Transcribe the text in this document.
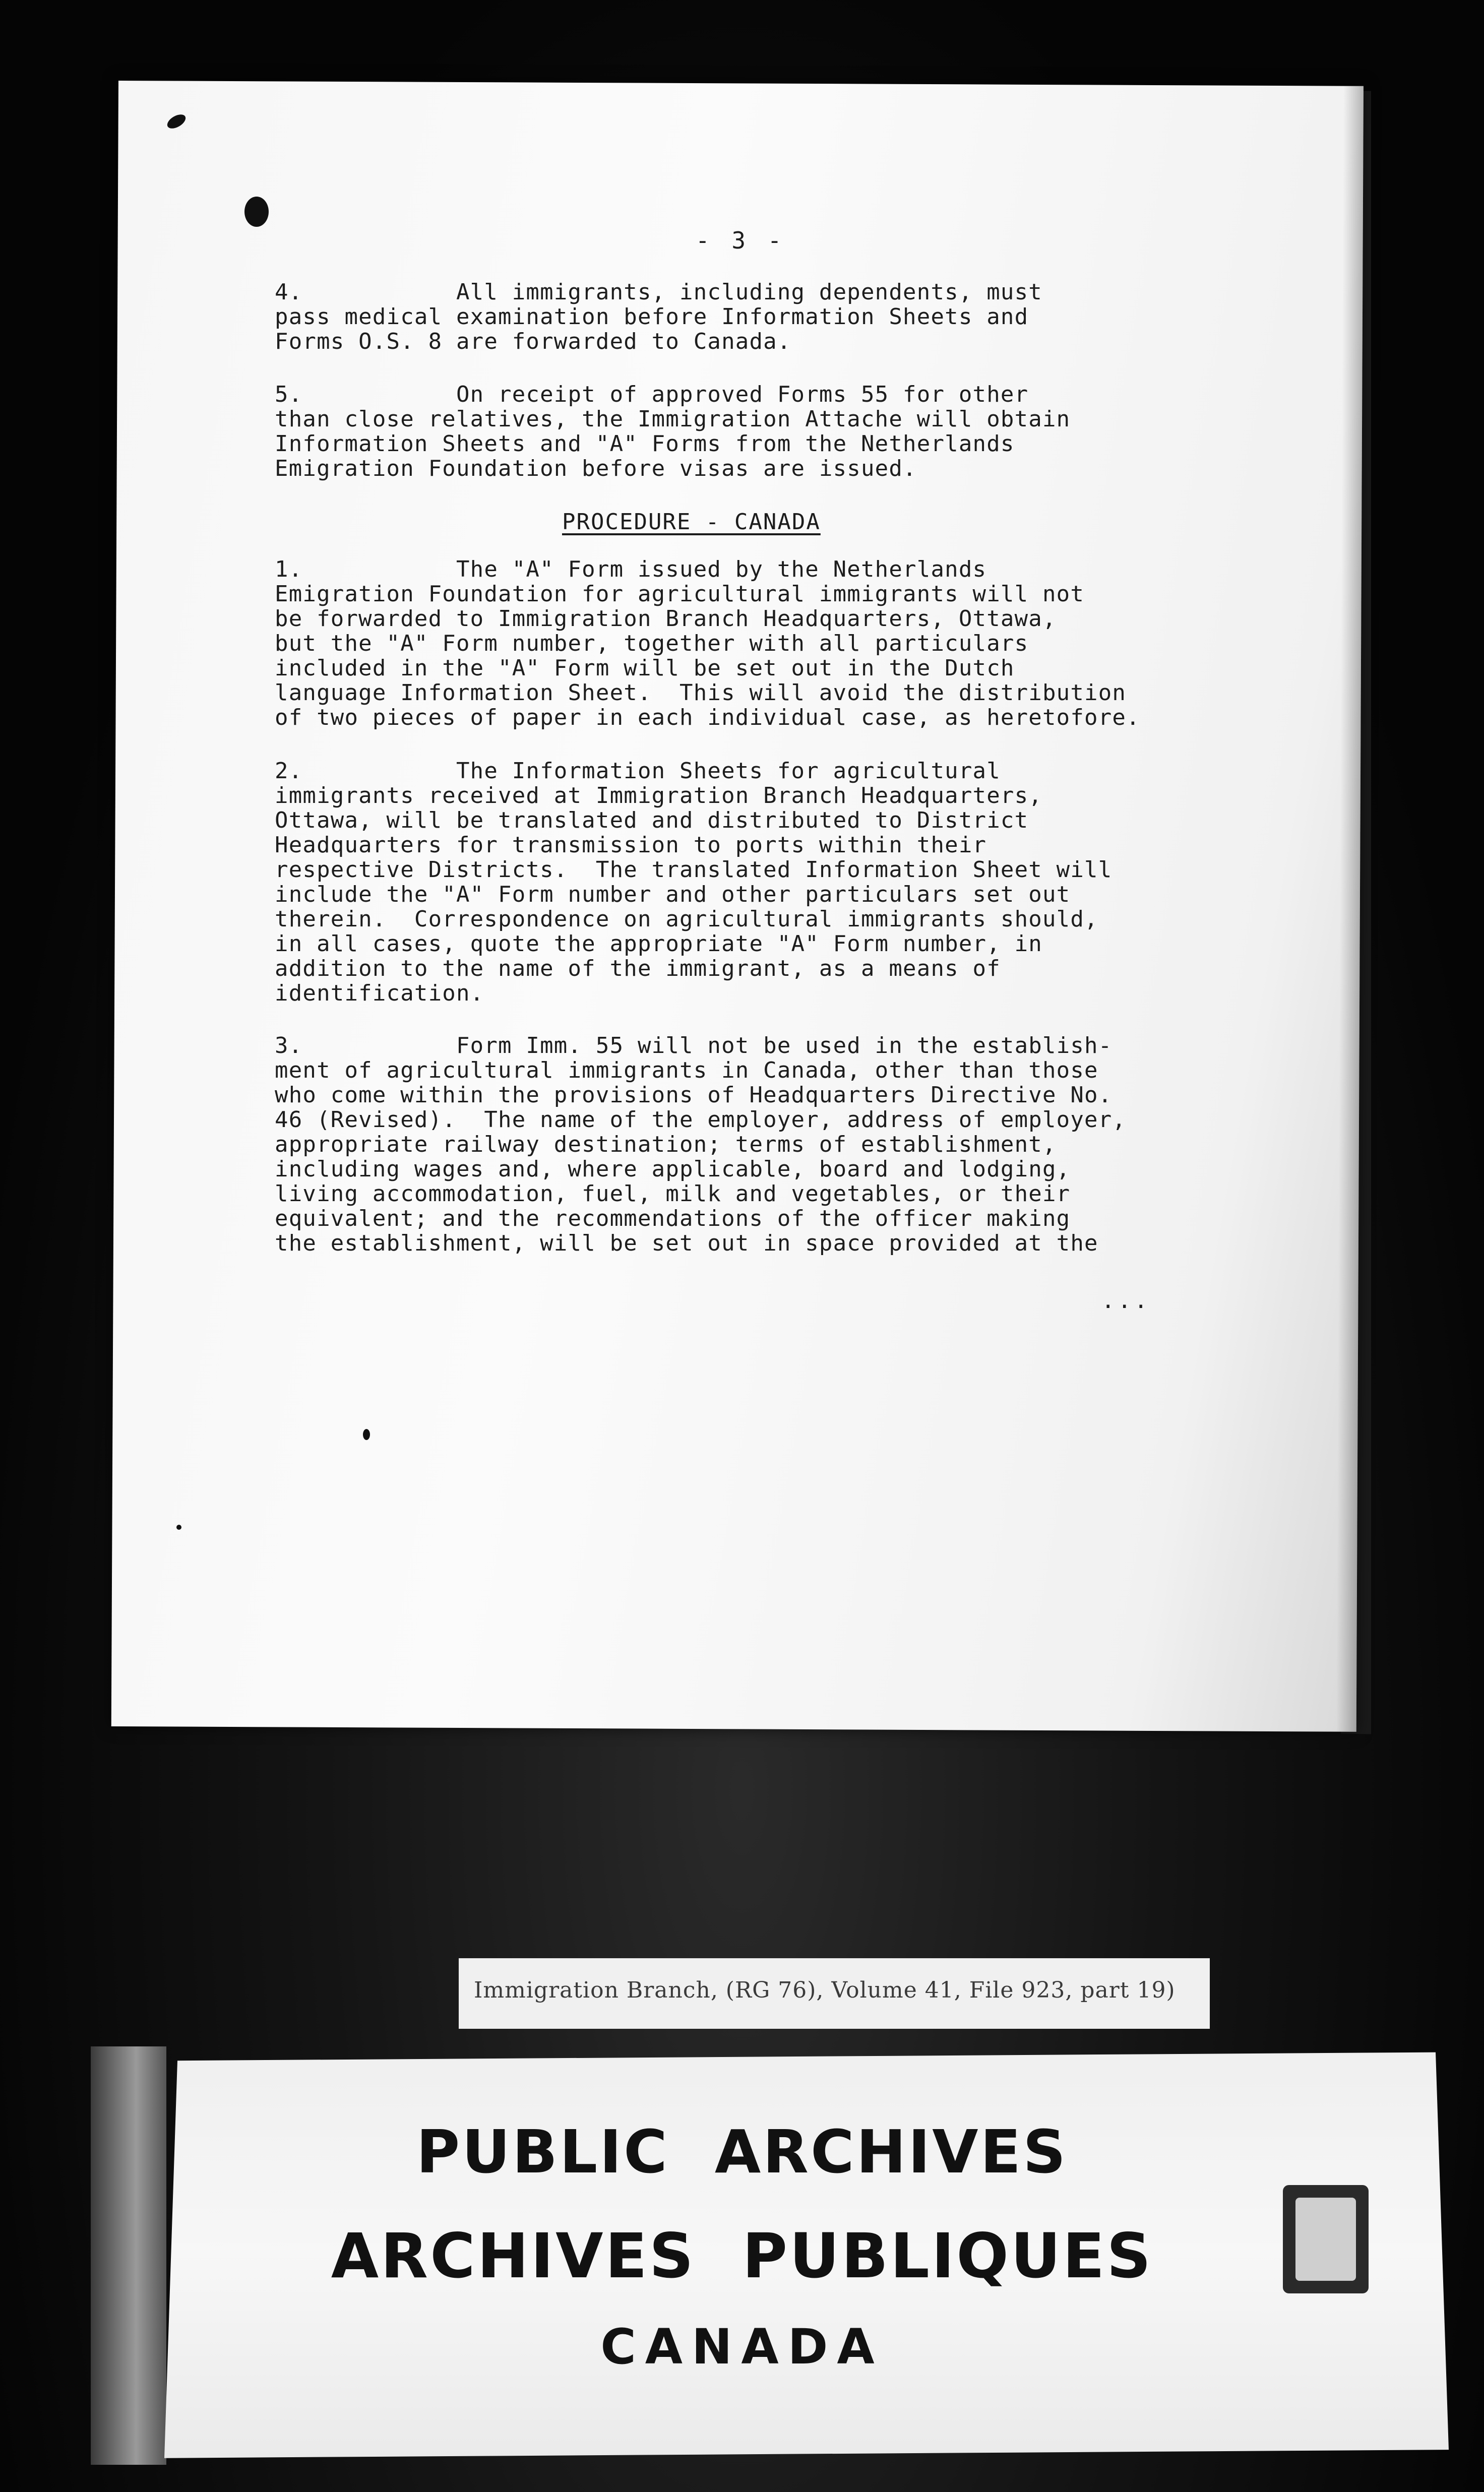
- 3 -
4.           All immigrants, including dependents, must
pass medical examination before Information Sheets and
Forms O.S. 8 are forwarded to Canada.
5.           On receipt of approved Forms 55 for other
than close relatives, the Immigration Attache will obtain
Information Sheets and "A" Forms from the Netherlands
Emigration Foundation before visas are issued.
PROCEDURE - CANADA
1.           The "A" Form issued by the Netherlands
Emigration Foundation for agricultural immigrants will not
be forwarded to Immigration Branch Headquarters, Ottawa,
but the "A" Form number, together with all particulars
included in the "A" Form will be set out in the Dutch
language Information Sheet.  This will avoid the distribution
of two pieces of paper in each individual case, as heretofore.
2.           The Information Sheets for agricultural
immigrants received at Immigration Branch Headquarters,
Ottawa, will be translated and distributed to District
Headquarters for transmission to ports within their
respective Districts.  The translated Information Sheet will
include the "A" Form number and other particulars set out
therein.  Correspondence on agricultural immigrants should,
in all cases, quote the appropriate "A" Form number, in
addition to the name of the immigrant, as a means of
identification.
3.           Form Imm. 55 will not be used in the establish-
ment of agricultural immigrants in Canada, other than those
who come within the provisions of Headquarters Directive No.
46 (Revised).  The name of the employer, address of employer,
appropriate railway destination; terms of establishment,
including wages and, where applicable, board and lodging,
living accommodation, fuel, milk and vegetables, or their
equivalent; and the recommendations of the officer making
the establishment, will be set out in space provided at the
...
Immigration Branch, (RG 76), Volume 41, File 923, part 19)
PUBLIC  ARCHIVES
ARCHIVES  PUBLIQUES
CANADA
